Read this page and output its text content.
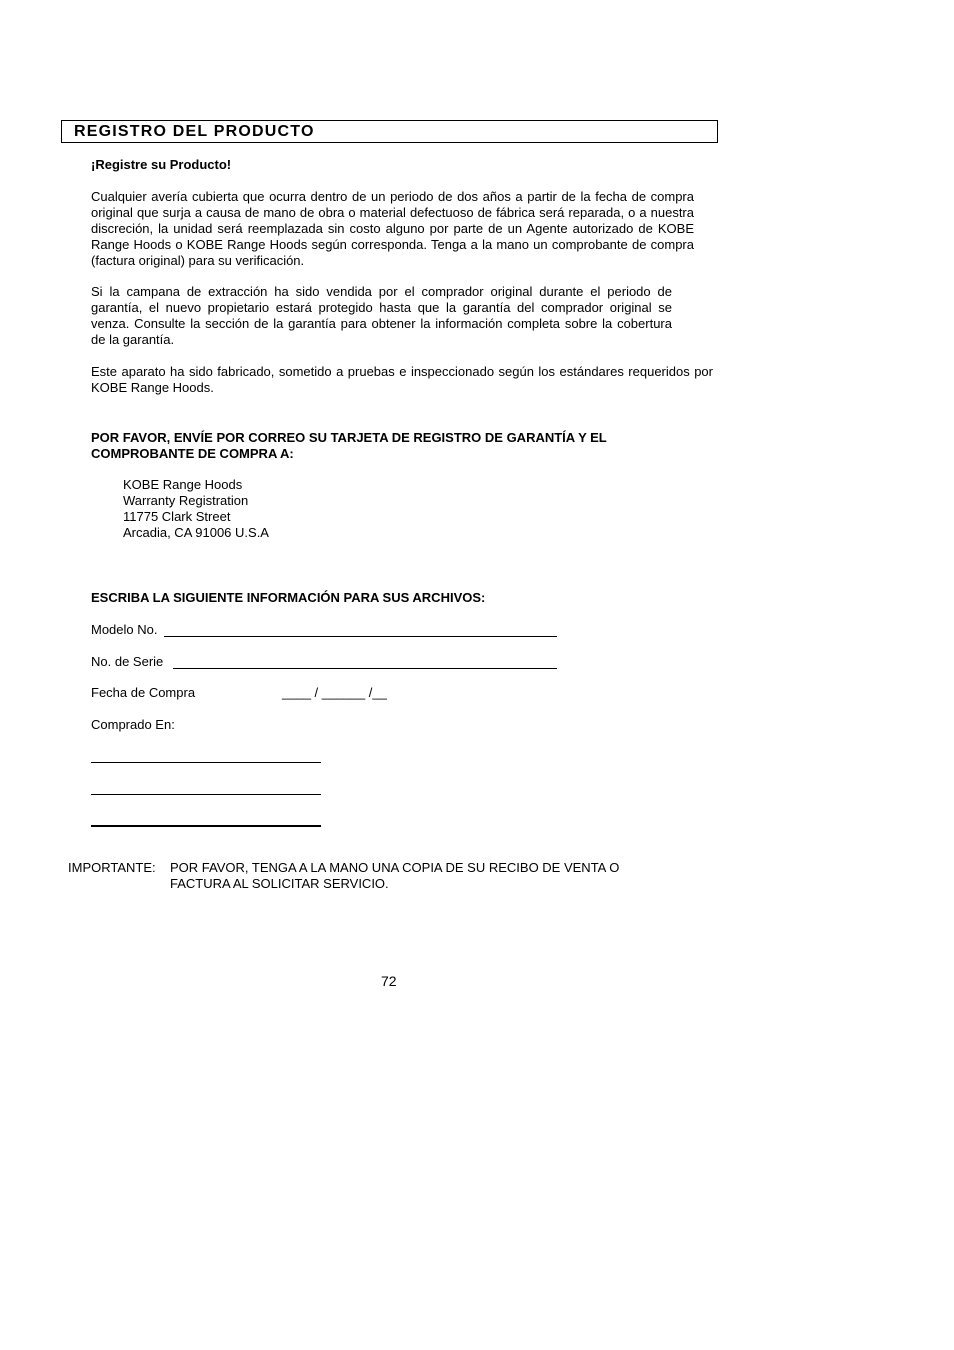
REGISTRO DEL PRODUCTO
¡Registre su Producto!

Cualquier avería cubierta que ocurra dentro de un periodo de dos años a partir de la fecha de compra original que surja a causa de mano de obra o material defectuoso de fábrica será reparada, o a nuestra discreción, la unidad será reemplazada sin costo alguno por parte de un Agente autorizado de KOBE Range Hoods o KOBE Range Hoods según corresponda. Tenga a la mano un comprobante de compra (factura original) para su verificación.

Si la campana de extracción ha sido vendida por el comprador original durante el periodo de garantía, el nuevo propietario estará protegido hasta que la garantía del comprador original se venza. Consulte la sección de la garantía para obtener la información completa sobre la cobertura de la garantía.

Este aparato ha sido fabricado, sometido a pruebas e inspeccionado según los estándares requeridos por KOBE Range Hoods.

POR FAVOR, ENVÍE POR CORREO SU TARJETA DE REGISTRO DE GARANTÍA Y EL COMPROBANTE DE COMPRA A:

KOBE Range Hoods
Warranty Registration
11775 Clark Street
Arcadia, CA 91006 U.S.A
ESCRIBA LA SIGUIENTE INFORMACIÓN PARA SUS ARCHIVOS:
Modelo No.
No. de Serie
Fecha de Compra	____ / ______ /__
Comprado En:
IMPORTANTE: POR FAVOR, TENGA A LA MANO UNA COPIA DE SU RECIBO DE VENTA O FACTURA AL SOLICITAR SERVICIO.

72
